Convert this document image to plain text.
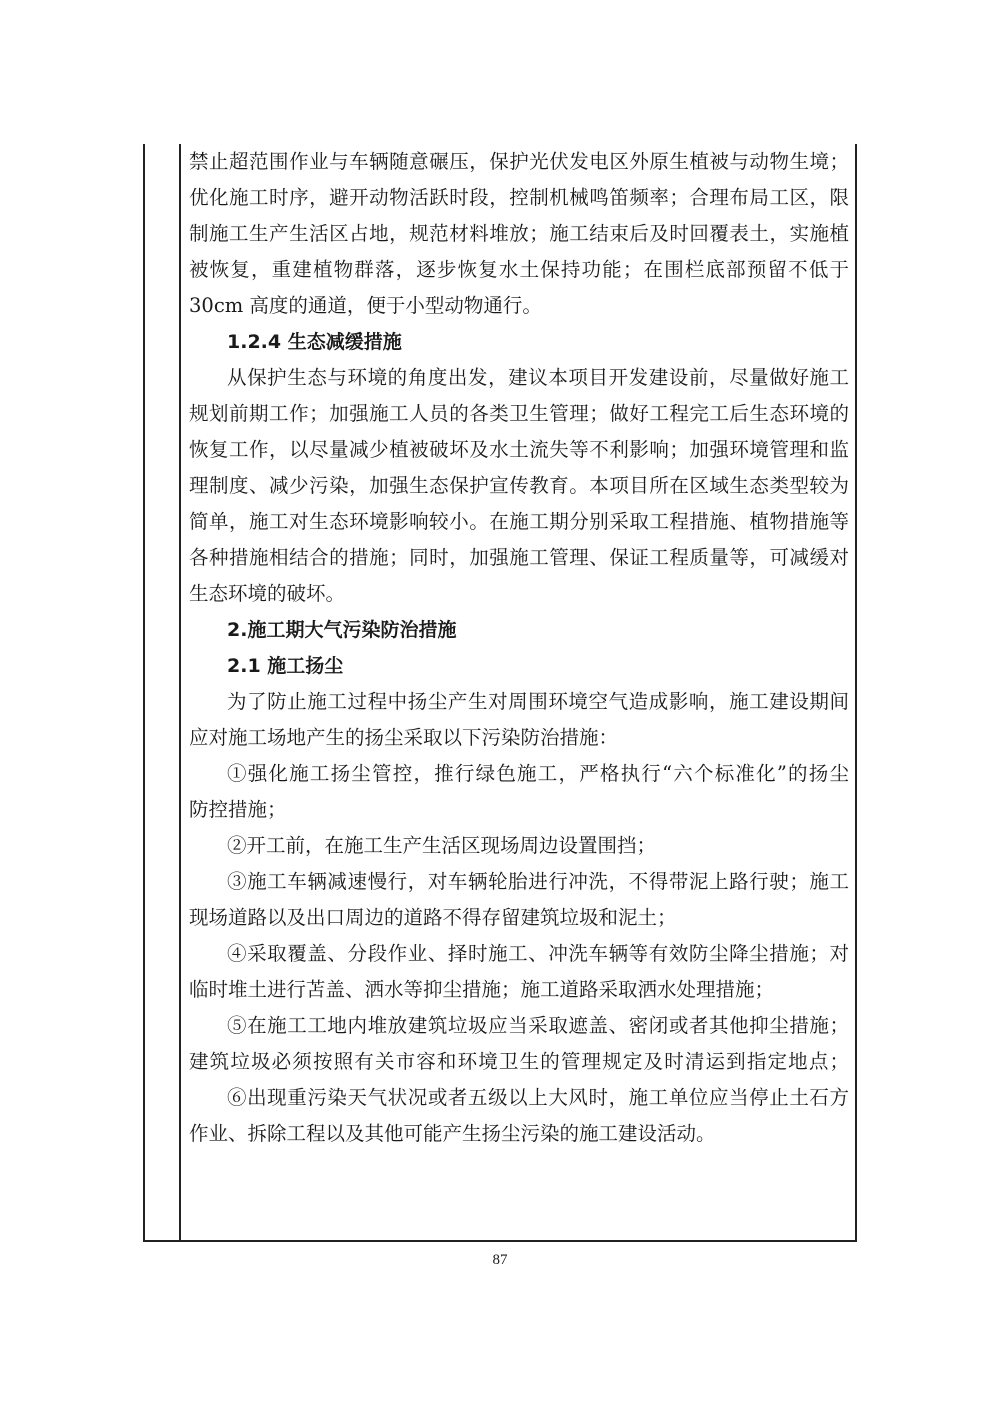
禁止超范围作业与车辆随意碾压，保护光伏发电区外原生植被与动物生境；
优化施工时序，避开动物活跃时段，控制机械鸣笛频率；合理布局工区，限
制施工生产生活区占地，规范材料堆放；施工结束后及时回覆表土，实施植
被恢复，重建植物群落，逐步恢复水土保持功能；在围栏底部预留不低于
30cm 高度的通道，便于小型动物通行。
1.2.4 生态减缓措施
从保护生态与环境的角度出发，建议本项目开发建设前，尽量做好施工
规划前期工作；加强施工人员的各类卫生管理；做好工程完工后生态环境的
恢复工作，以尽量减少植被破坏及水土流失等不利影响；加强环境管理和监
理制度、减少污染，加强生态保护宣传教育。本项目所在区域生态类型较为
简单，施工对生态环境影响较小。在施工期分别采取工程措施、植物措施等
各种措施相结合的措施；同时，加强施工管理、保证工程质量等，可减缓对
生态环境的破坏。
2.施工期大气污染防治措施
2.1 施工扬尘
为了防止施工过程中扬尘产生对周围环境空气造成影响，施工建设期间
应对施工场地产生的扬尘采取以下污染防治措施：
①强化施工扬尘管控，推行绿色施工，严格执行“六个标准化”的扬尘
防控措施；
②开工前，在施工生产生活区现场周边设置围挡；
③施工车辆减速慢行，对车辆轮胎进行冲洗，不得带泥上路行驶；施工
现场道路以及出口周边的道路不得存留建筑垃圾和泥土；
④采取覆盖、分段作业、择时施工、冲洗车辆等有效防尘降尘措施；对
临时堆土进行苫盖、洒水等抑尘措施；施工道路采取洒水处理措施；
⑤在施工工地内堆放建筑垃圾应当采取遮盖、密闭或者其他抑尘措施；
建筑垃圾必须按照有关市容和环境卫生的管理规定及时清运到指定地点；
⑥出现重污染天气状况或者五级以上大风时，施工单位应当停止土石方
作业、拆除工程以及其他可能产生扬尘污染的施工建设活动。
87
